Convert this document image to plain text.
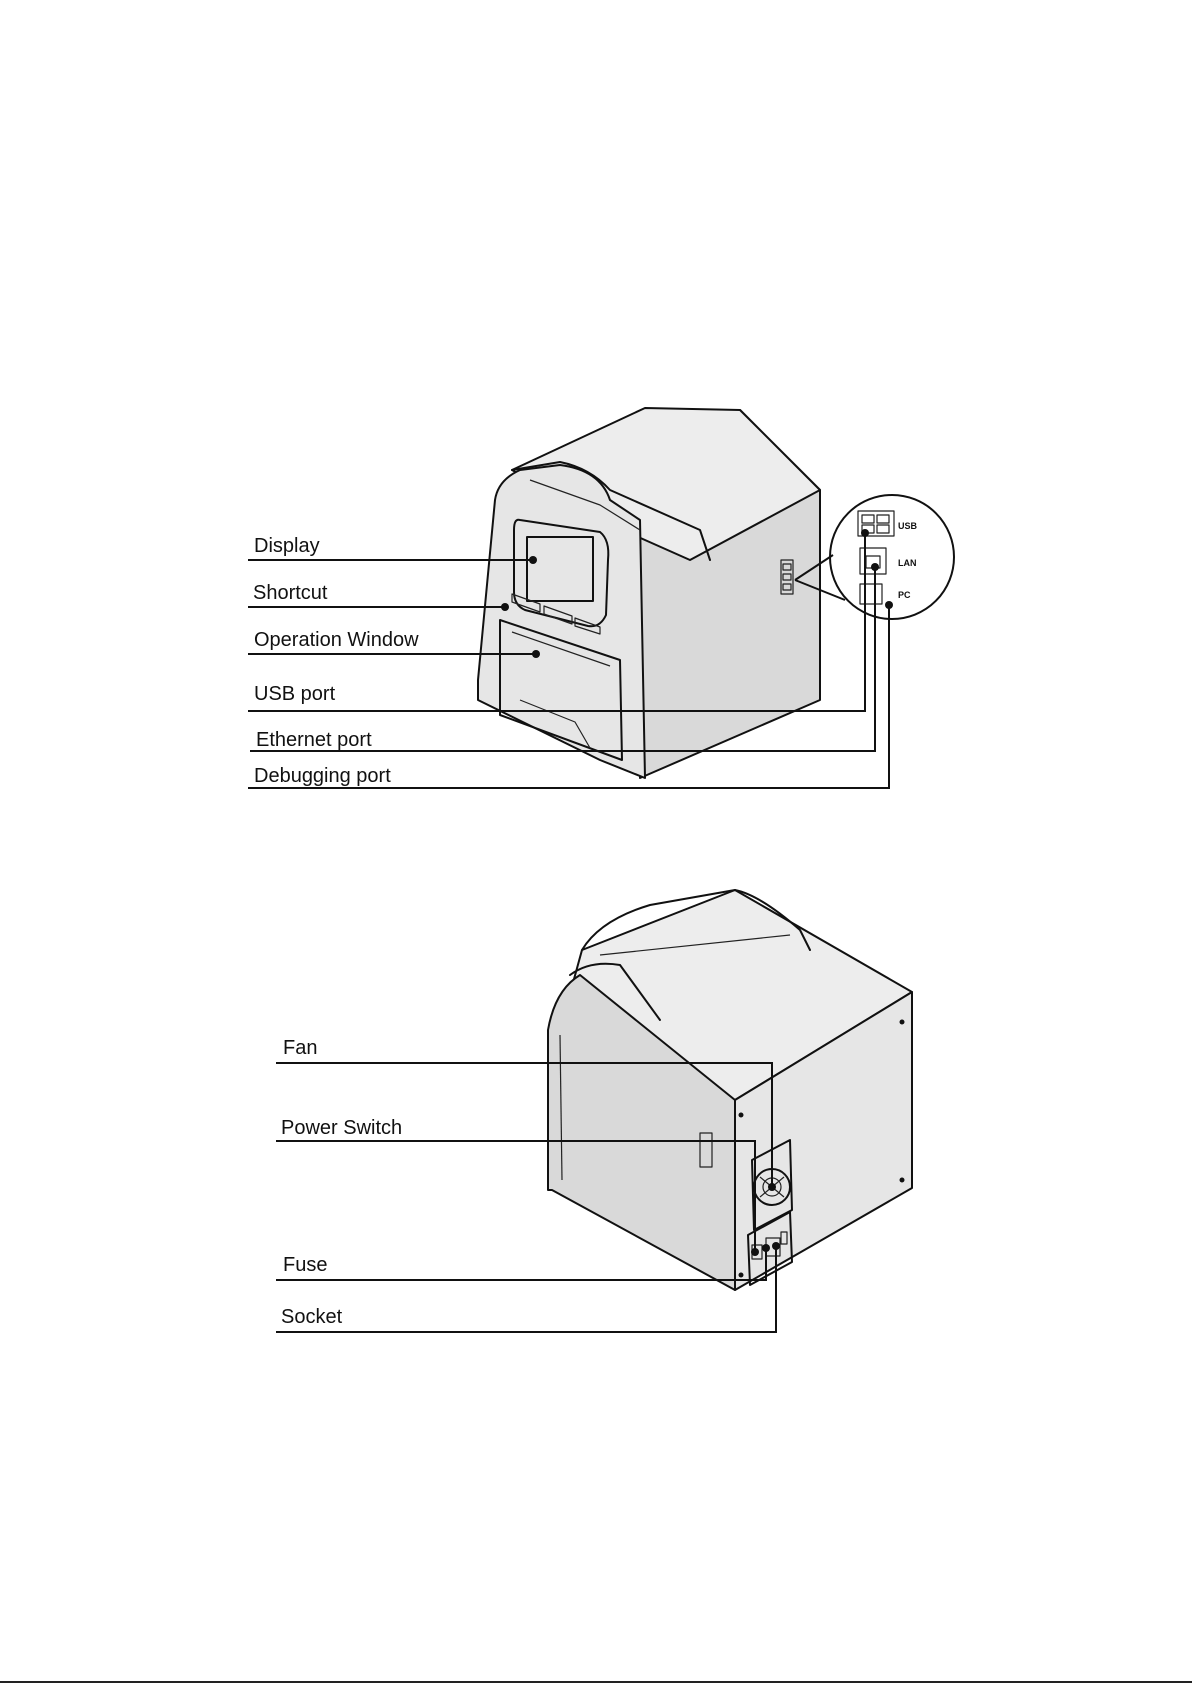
USB
LAN
PC
Display
Shortcut
Operation Window
USB port
Ethernet port
Debugging port
Fan
Power Switch
Fuse
Socket
